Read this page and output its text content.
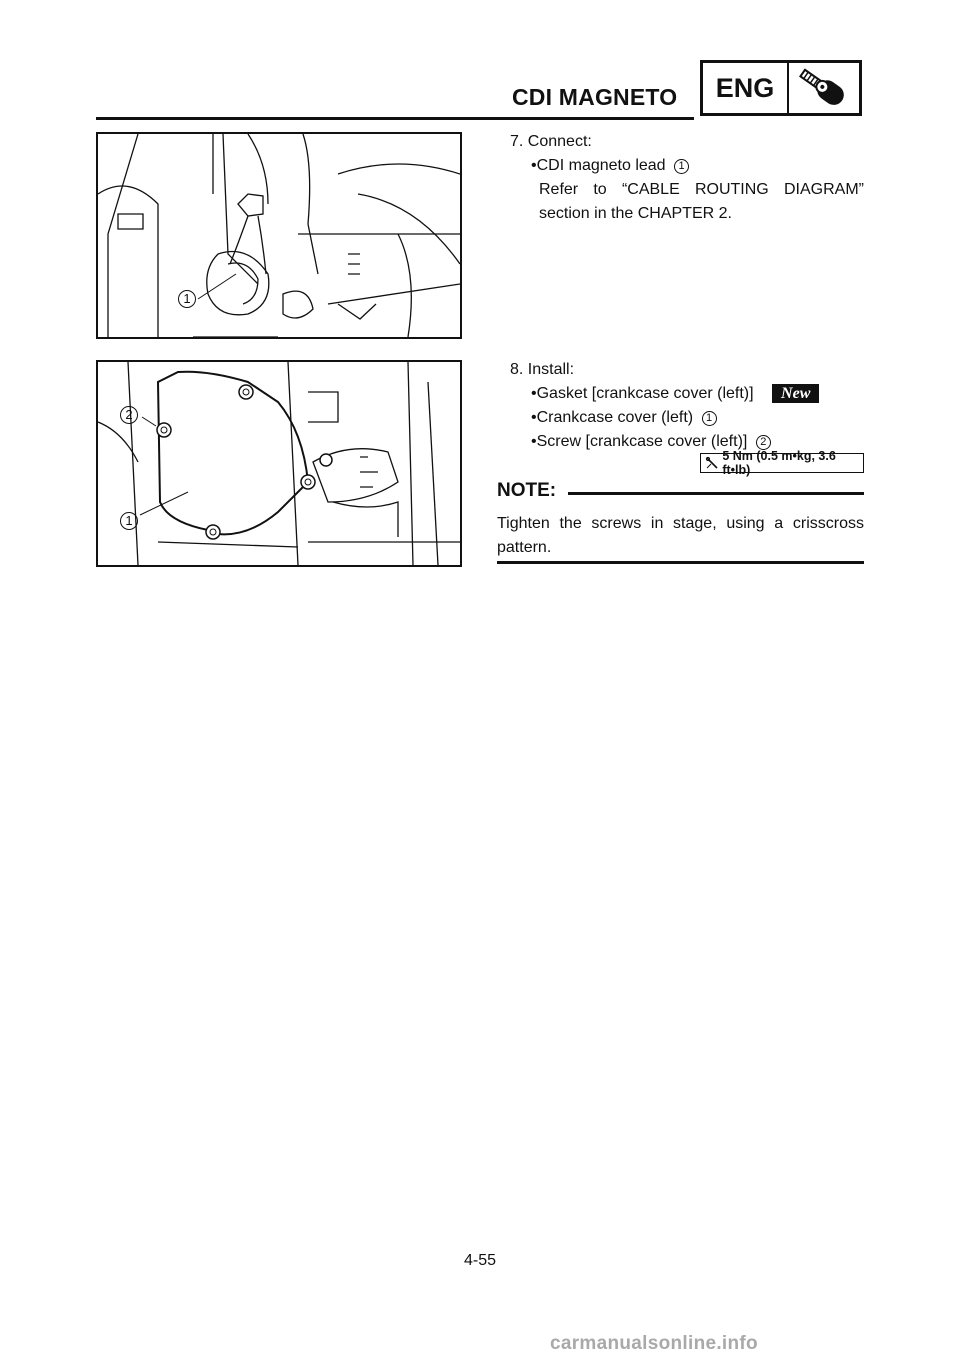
CDI MAGNETO	ENG
1
2
1
7. Connect:
•CDI magneto lead 1
Refer to “CABLE ROUTING DIAGRAM”
section in the CHAPTER 2.
8. Install:
•Gasket [crankcase cover (left)] New
•Crankcase cover (left) 1
•Screw [crankcase cover (left)] 2
5 Nm (0.5 m•kg, 3.6 ft•lb)
NOTE:
Tighten the screws in stage, using a crisscross pattern.
4-55
carmanualsonline.info
